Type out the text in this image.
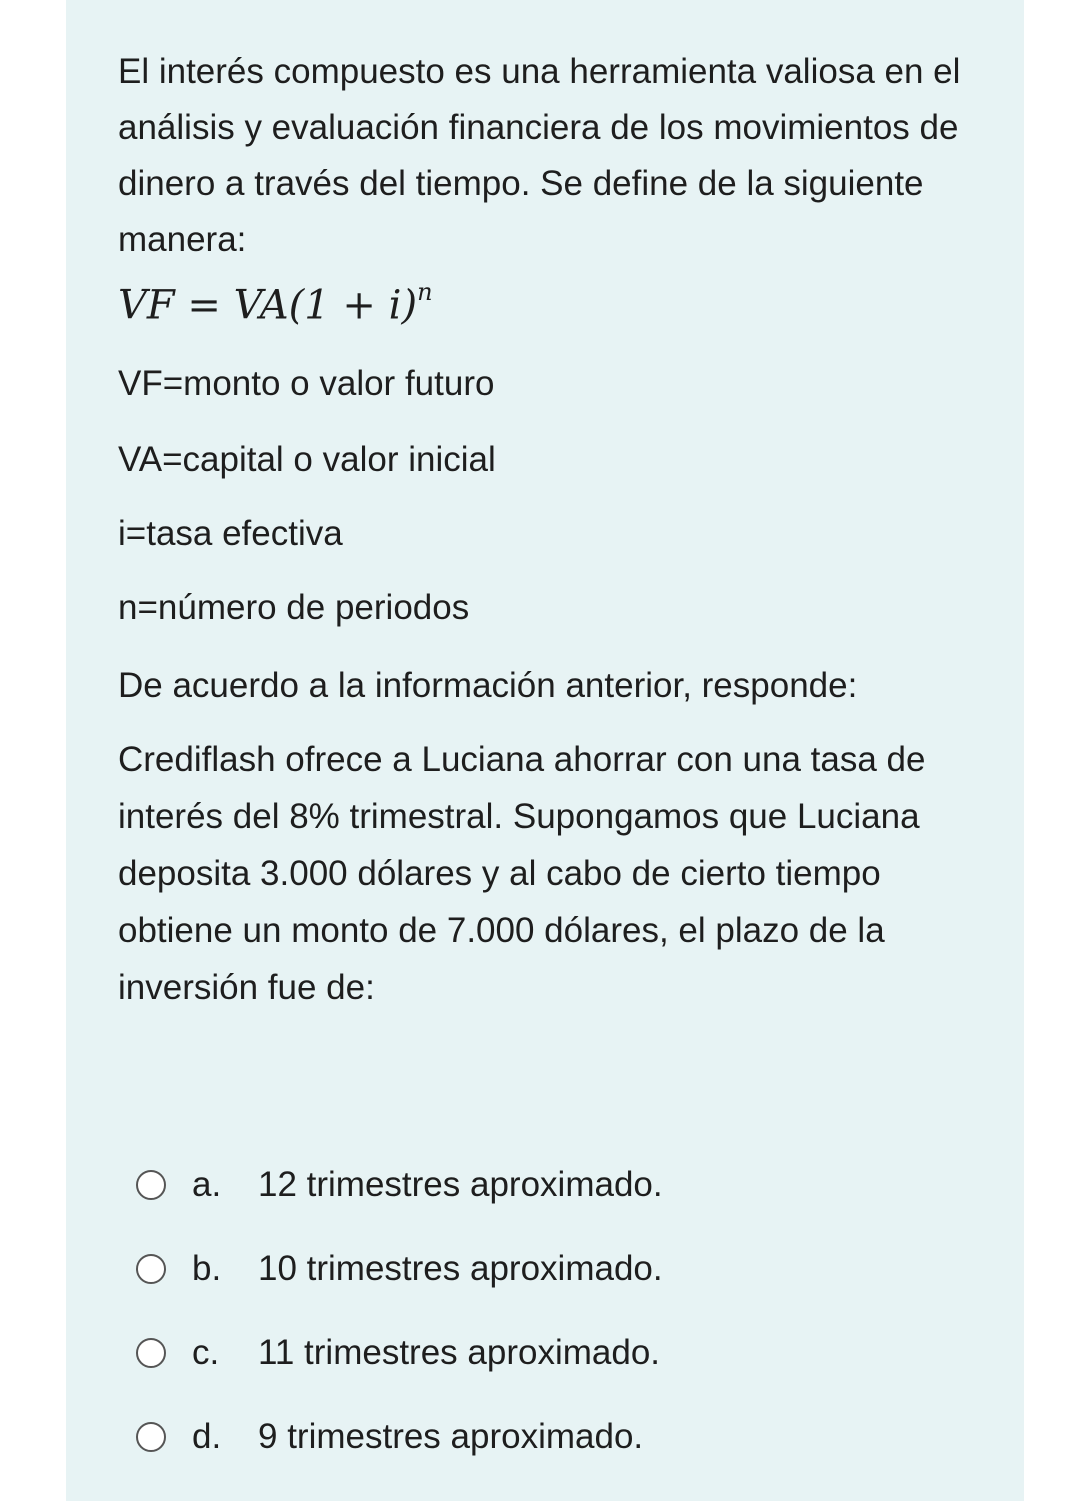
El interés compuesto es una herramienta valiosa en el análisis y evaluación financiera de los movimientos de dinero a través del tiempo. Se define de la siguiente manera:

VF = $VA(1 + i)^n$
VF=monto o valor futuro
VA=capital o valor inicial
i=tasa efectiva
n=número de periodos
De acuerdo a la información anterior, responde:

Crediflash ofrece a Luciana ahorrar con una tasa de interés del 8% trimestral. Supongamos que Luciana deposita 3.000 dólares y al cabo de cierto tiempo obtiene un monto de 7.000 dólares, el plazo de la inversión fue de:

a.	12 trimestres aproximado.
b.	10 trimestres aproximado.
c.	11 trimestres aproximado.
d.	9 trimestres aproximado.
